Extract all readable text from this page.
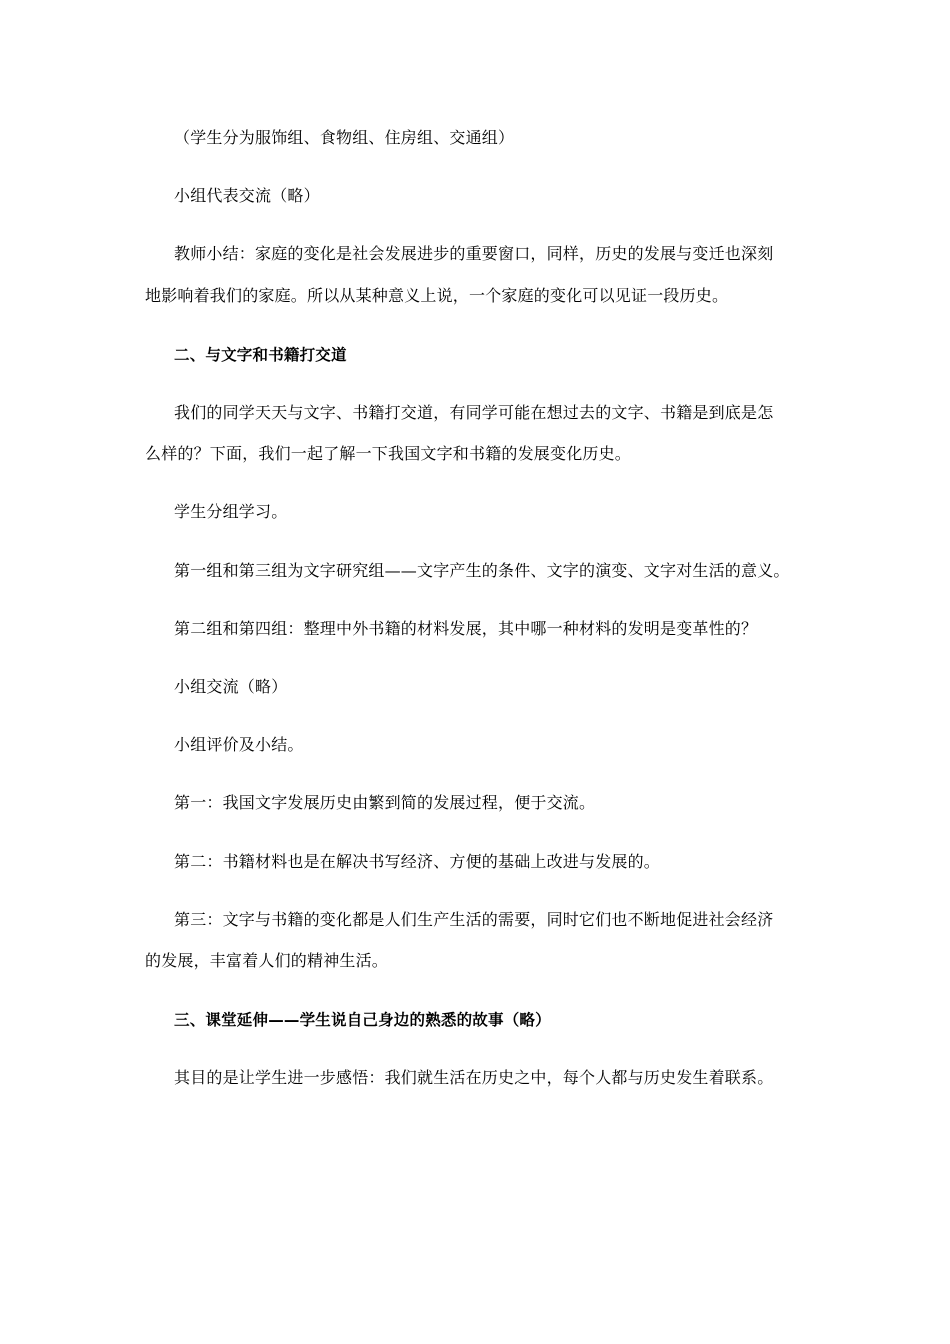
（学生分为服饰组、食物组、住房组、交通组）
小组代表交流（略）
教师小结：家庭的变化是社会发展进步的重要窗口，同样，历史的发展与变迁也深刻
地影响着我们的家庭。所以从某种意义上说，一个家庭的变化可以见证一段历史。
二、与文字和书籍打交道
我们的同学天天与文字、书籍打交道，有同学可能在想过去的文字、书籍是到底是怎
么样的？下面，我们一起了解一下我国文字和书籍的发展变化历史。
学生分组学习。
第一组和第三组为文字研究组——文字产生的条件、文字的演变、文字对生活的意义。
第二组和第四组：整理中外书籍的材料发展，其中哪一种材料的发明是变革性的？
小组交流（略）
小组评价及小结。
第一：我国文字发展历史由繁到简的发展过程，便于交流。
第二：书籍材料也是在解决书写经济、方便的基础上改进与发展的。
第三：文字与书籍的变化都是人们生产生活的需要，同时它们也不断地促进社会经济
的发展，丰富着人们的精神生活。
三、课堂延伸——学生说自己身边的熟悉的故事（略）
其目的是让学生进一步感悟：我们就生活在历史之中，每个人都与历史发生着联系。
